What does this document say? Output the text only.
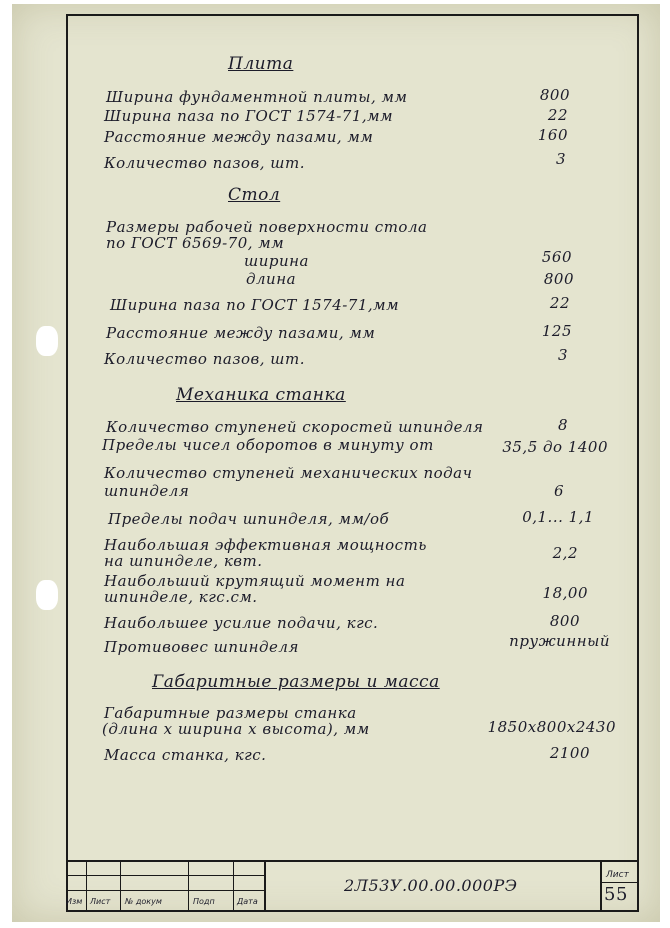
Плита
Ширина фундаментной плиты, мм	800
Ширина паза по ГОСТ 1574-71,мм	22
Расстояние между пазами, мм	160
Количество пазов, шт.	3
Стол
Размеры рабочей поверхности стола
по ГОСТ 6569-70, мм
ширина	560
длина	800
Ширина паза по ГОСТ 1574-71,мм	22
Расстояние между пазами, мм	125
Количество пазов, шт.	3
Механика станка
Количество ступеней скоростей шпинделя	8
Пределы чисел оборотов в минуту от	35,5 до 1400
Количество ступеней механических подач
шпинделя	6
Пределы подач шпинделя, мм/об	0,1... 1,1
Наибольшая эффективная мощность
на шпинделе, квт.	2,2
Наибольший крутящий момент на
шпинделе, кгс.см.	18,00
Наибольшее усилие подачи, кгс.	800
Противовес шпинделя	пружинный
Габаритные размеры и масса
Габаритные размеры станка
(длина х ширина х высота), мм	1850х800х2430
Масса станка, кгс.	2100
Изм Лист № докум	Подп	Дата
2Л53У.00.00.000РЭ
Лист
55
